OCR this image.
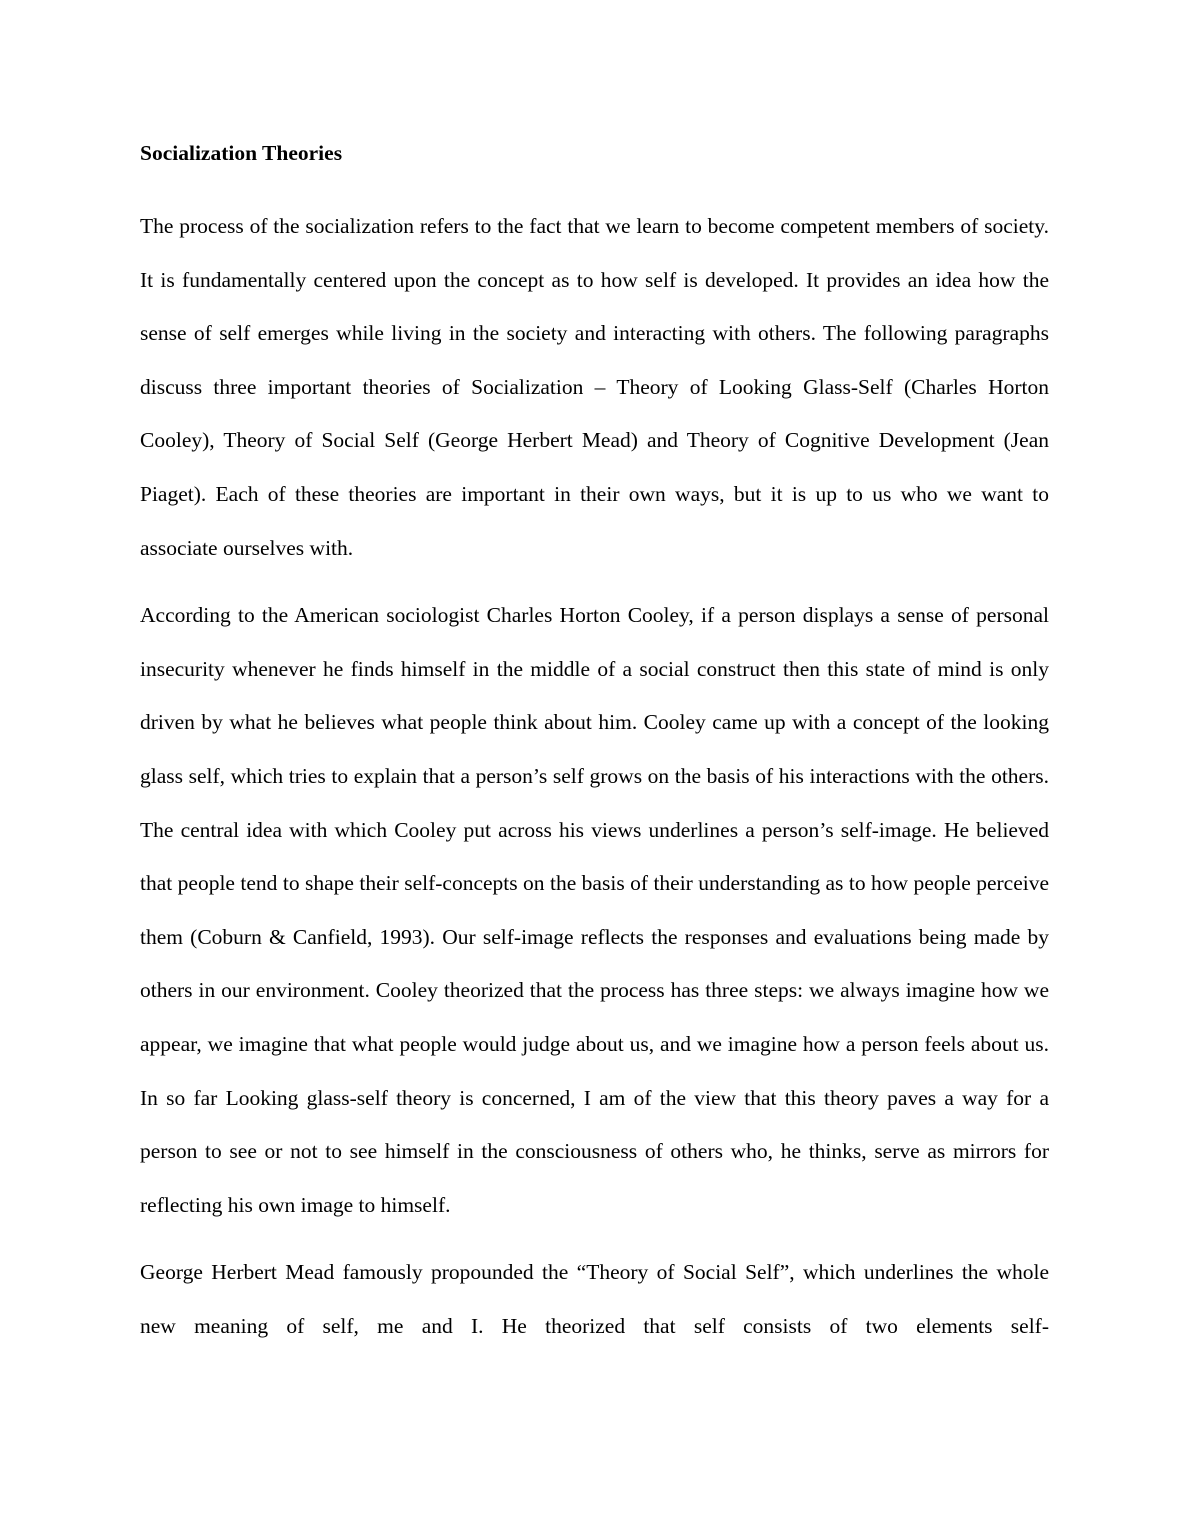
Socialization Theories

The process of the socialization refers to the fact that we learn to become competent members of society. It is fundamentally centered upon the concept as to how self is developed. It provides an idea how the sense of self emerges while living in the society and interacting with others. The following paragraphs discuss three important theories of Socialization – Theory of Looking Glass-Self (Charles Horton Cooley), Theory of Social Self (George Herbert Mead) and Theory of Cognitive Development (Jean Piaget). Each of these theories are important in their own ways, but it is up to us who we want to associate ourselves with.

According to the American sociologist Charles Horton Cooley, if a person displays a sense of personal insecurity whenever he finds himself in the middle of a social construct then this state of mind is only driven by what he believes what people think about him. Cooley came up with a concept of the looking glass self, which tries to explain that a person’s self grows on the basis of his interactions with the others. The central idea with which Cooley put across his views underlines a person’s self-image. He believed that people tend to shape their self-concepts on the basis of their understanding as to how people perceive them (Coburn & Canfield, 1993). Our self-image reflects the responses and evaluations being made by others in our environment. Cooley theorized that the process has three steps: we always imagine how we appear, we imagine that what people would judge about us, and we imagine how a person feels about us. In so far Looking glass-self theory is concerned, I am of the view that this theory paves a way for a person to see or not to see himself in the consciousness of others who, he thinks, serve as mirrors for reflecting his own image to himself.

George Herbert Mead famously propounded the “Theory of Social Self”, which underlines the whole new meaning of self, me and I. He theorized that self consists of two elements self-
